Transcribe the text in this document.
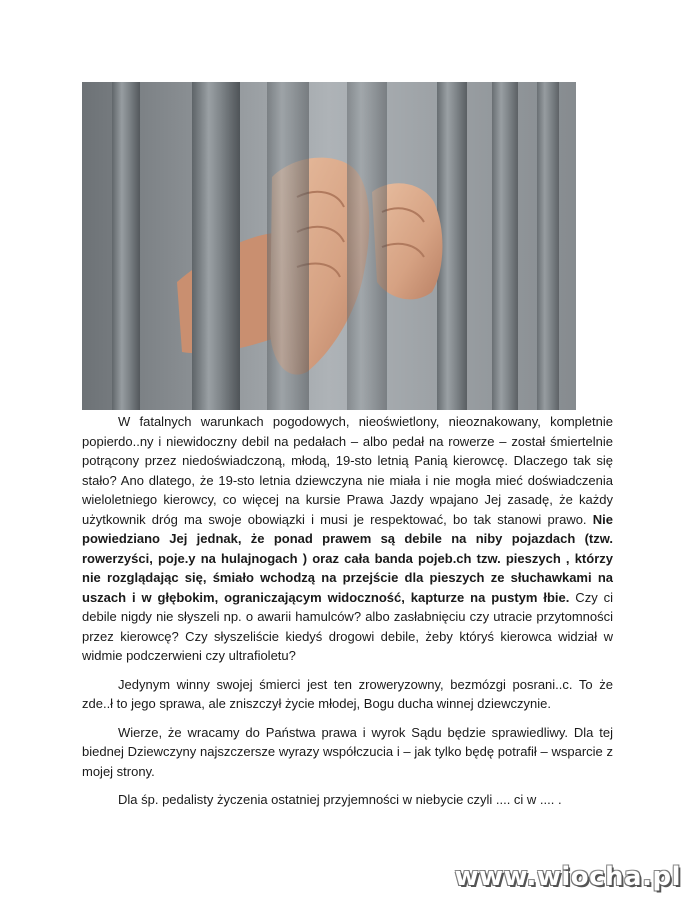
W fatalnych warunkach pogodowych, nieoświetlony, nieoznakowany, kompletnie popierdo..ny i niewidoczny debil na pedałach – albo pedał na rowerze – został śmiertelnie potrącony przez niedoświadczoną, młodą, 19-sto letnią Panią kierowcę. Dlaczego tak się stało? Ano dlatego, że 19-sto letnia dziewczyna nie miała i nie mogła mieć doświadczenia wieloletniego kierowcy, co więcej na kursie Prawa Jazdy wpajano Jej zasadę, że każdy użytkownik dróg ma swoje obowiązki i musi je respektować, bo tak stanowi prawo. Nie powiedziano Jej jednak, że ponad prawem są debile na niby pojazdach (tzw. rowerzyści, poje.y na hulajnogach ) oraz cała banda pojeb.ch tzw. pieszych , którzy nie rozglądając się, śmiało wchodzą na przejście dla pieszych ze słuchawkami na uszach i w głębokim, ograniczającym widoczność, kapturze na pustym łbie. Czy ci debile nigdy nie słyszeli np. o awarii hamulców? albo zasłabnięciu czy utracie przytomności przez kierowcę? Czy słyszeliście kiedyś drogowi debile, żeby któryś kierowca widział w widmie podczerwieni czy ultrafioletu?

Jedynym winny swojej śmierci jest ten zroweryzowny, bezmózgi posrani..c. To że zde..ł to jego sprawa, ale zniszczył życie młodej, Bogu ducha winnej dziewczynie.

Wierze, że wracamy do Państwa prawa i wyrok Sądu będzie sprawiedliwy. Dla tej biednej Dziewczyny najszczersze wyrazy współczucia i – jak tylko będę potrafił – wsparcie z mojej strony.

Dla śp. pedalisty życzenia ostatniej przyjemności w niebycie czyli .... ci w .... .

www.wiocha.pl
